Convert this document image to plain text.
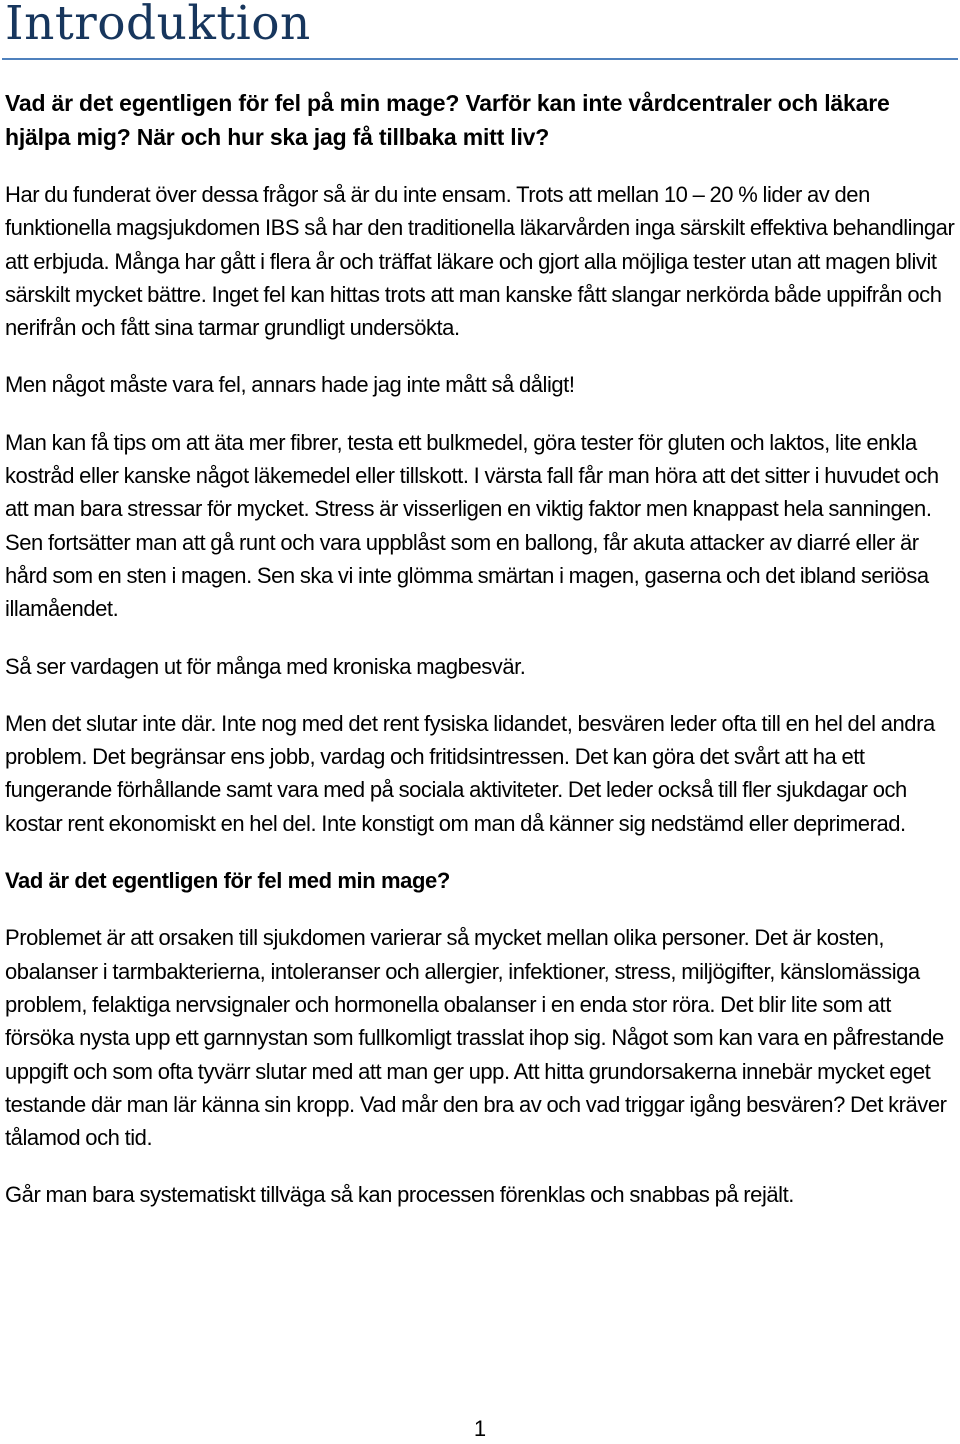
Introduktion

Vad är det egentligen för fel på min mage? Varför kan inte vårdcentraler och läkare hjälpa mig? När och hur ska jag få tillbaka mitt liv?

Har du funderat över dessa frågor så är du inte ensam. Trots att mellan 10 – 20 % lider av den funktionella magsjukdomen IBS så har den traditionella läkarvården inga särskilt effektiva behandlingar att erbjuda. Många har gått i flera år och träffat läkare och gjort alla möjliga tester utan att magen blivit särskilt mycket bättre. Inget fel kan hittas trots att man kanske fått slangar nerkörda både uppifrån och nerifrån och fått sina tarmar grundligt undersökta.

Men något måste vara fel, annars hade jag inte mått så dåligt!

Man kan få tips om att äta mer fibrer, testa ett bulkmedel, göra tester för gluten och laktos, lite enkla kostråd eller kanske något läkemedel eller tillskott. I värsta fall får man höra att det sitter i huvudet och att man bara stressar för mycket. Stress är visserligen en viktig faktor men knappast hela sanningen. Sen fortsätter man att gå runt och vara uppblåst som en ballong, får akuta attacker av diarré eller är hård som en sten i magen. Sen ska vi inte glömma smärtan i magen, gaserna och det ibland seriösa illamåendet.

Så ser vardagen ut för många med kroniska magbesvär.

Men det slutar inte där. Inte nog med det rent fysiska lidandet, besvären leder ofta till en hel del andra problem. Det begränsar ens jobb, vardag och fritidsintressen. Det kan göra det svårt att ha ett fungerande förhållande samt vara med på sociala aktiviteter. Det leder också till fler sjukdagar och kostar rent ekonomiskt en hel del. Inte konstigt om man då känner sig nedstämd eller deprimerad.

Vad är det egentligen för fel med min mage?

Problemet är att orsaken till sjukdomen varierar så mycket mellan olika personer. Det är kosten, obalanser i tarmbakterierna, intoleranser och allergier, infektioner, stress, miljögifter, känslomässiga problem, felaktiga nervsignaler och hormonella obalanser i en enda stor röra. Det blir lite som att försöka nysta upp ett garnnystan som fullkomligt trasslat ihop sig. Något som kan vara en påfrestande uppgift och som ofta tyvärr slutar med att man ger upp. Att hitta grundorsakerna innebär mycket eget testande där man lär känna sin kropp. Vad mår den bra av och vad triggar igång besvären? Det kräver tålamod och tid.

Går man bara systematiskt tillväga så kan processen förenklas och snabbas på rejält.

1
